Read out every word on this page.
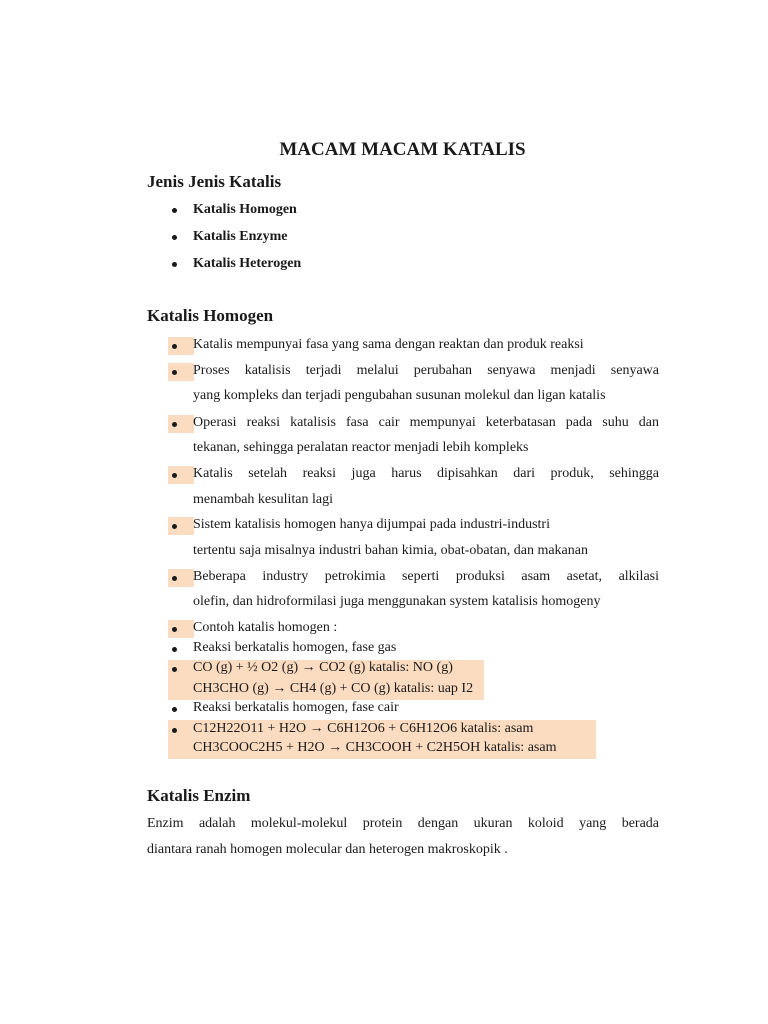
MACAM MACAM KATALIS
Jenis Jenis Katalis
Katalis Homogen
Katalis Enzyme
Katalis Heterogen
Katalis Homogen
Katalis mempunyai fasa yang sama dengan reaktan dan produk reaksi
Proses katalisis terjadi melalui perubahan senyawa menjadi senyawa
yang kompleks dan terjadi pengubahan susunan molekul dan ligan katalis
Operasi reaksi katalisis fasa cair mempunyai keterbatasan pada suhu dan
tekanan, sehingga peralatan reactor menjadi lebih kompleks
Katalis setelah reaksi juga harus dipisahkan dari produk, sehingga
menambah kesulitan lagi
Sistem katalisis homogen hanya dijumpai pada industri-industri
tertentu saja misalnya industri bahan kimia, obat-obatan, dan makanan
Beberapa industry petrokimia seperti produksi asam asetat, alkilasi
olefin, dan hidroformilasi juga menggunakan system katalisis homogeny
Contoh katalis homogen :
Reaksi berkatalis homogen, fase gas
CO (g) + ½ O2 (g) → CO2 (g) katalis: NO (g)
CH3CHO (g) → CH4 (g) + CO (g) katalis: uap I2
Reaksi berkatalis homogen, fase cair
C12H22O11 + H2O → C6H12O6 + C6H12O6 katalis: asam
CH3COOC2H5 + H2O → CH3COOH + C2H5OH katalis: asam
Katalis Enzim
Enzim adalah molekul-molekul protein dengan ukuran koloid yang berada
diantara ranah homogen molecular dan heterogen makroskopik .
